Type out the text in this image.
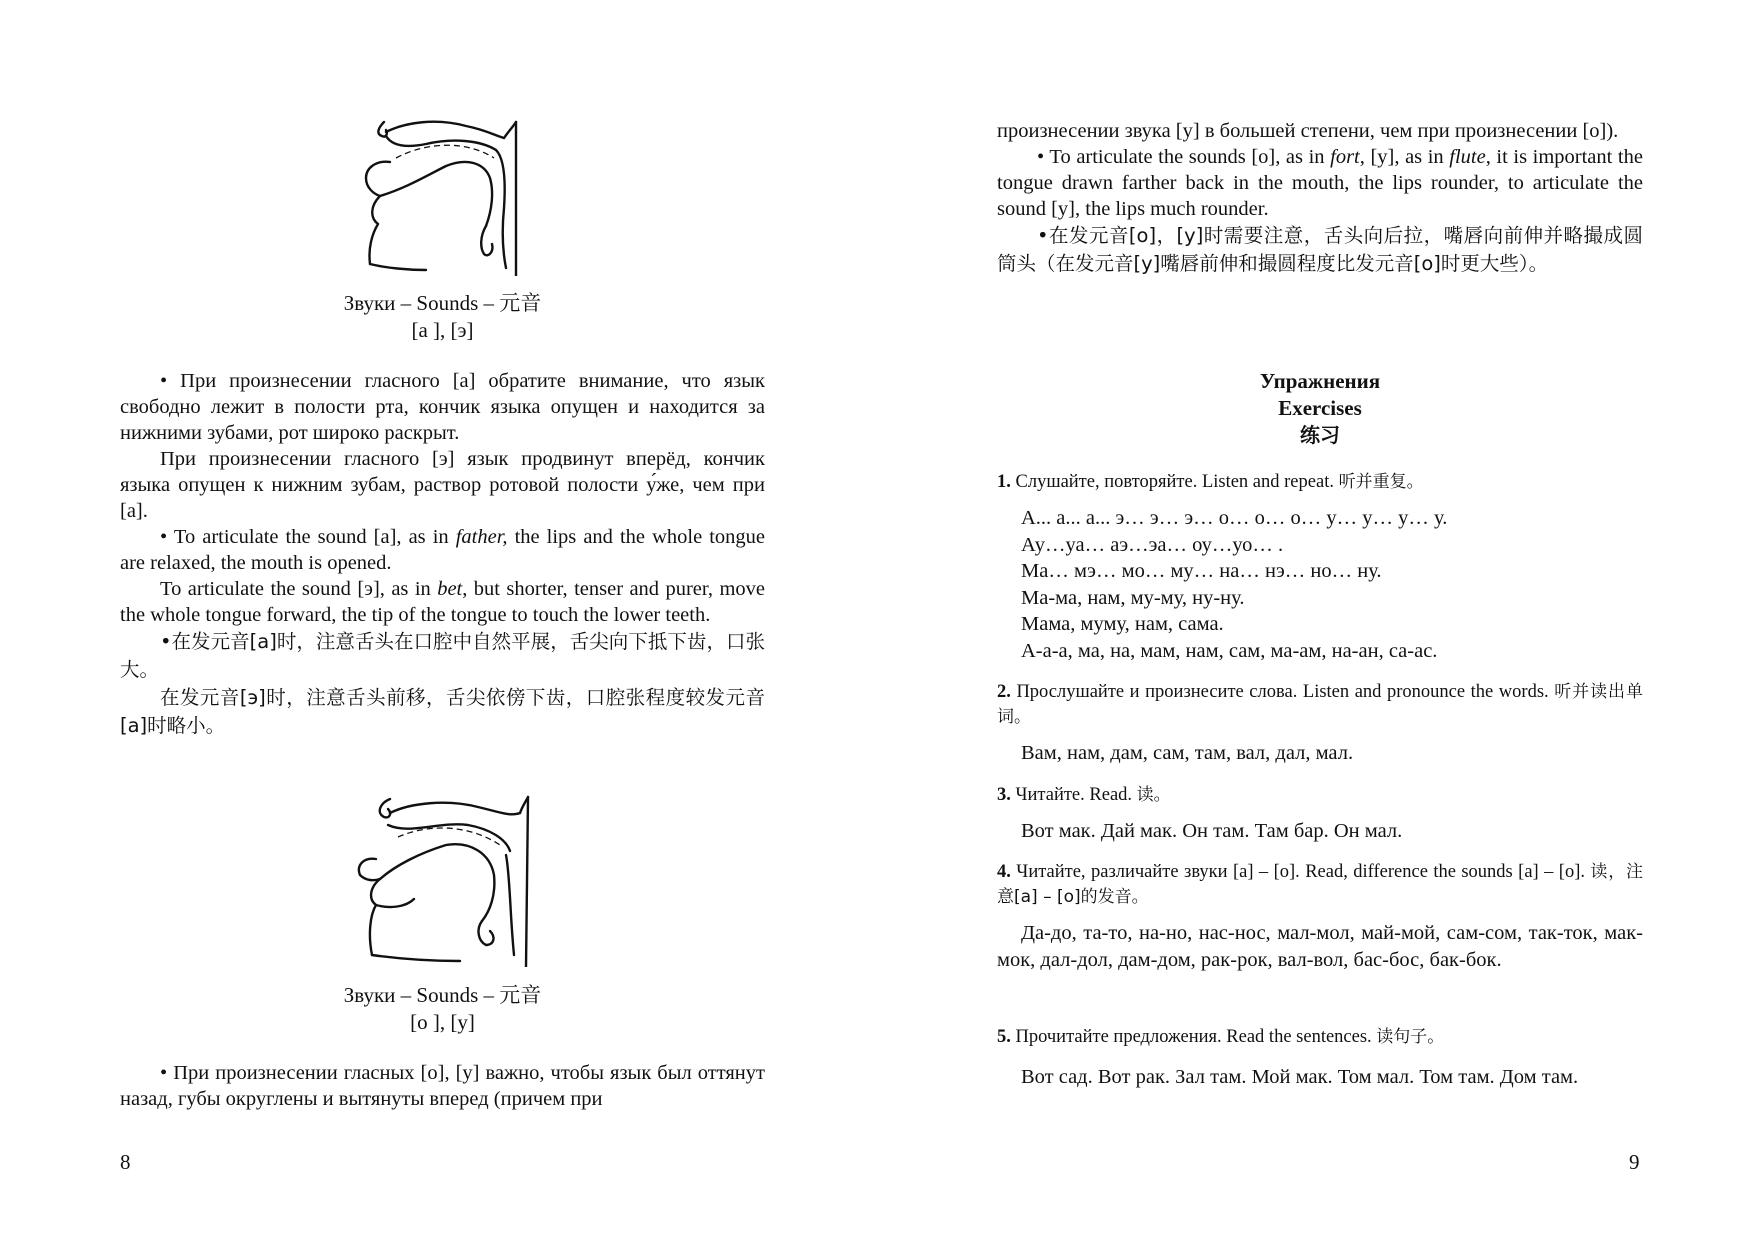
Звуки – Sounds – 元音

[а ], [э]

• При произнесении гласного [а] обратите внимание, что язык свободно лежит в полости рта, кончик языка опущен и находится за нижними зубами, рот широко раскрыт.

При произнесении гласного [э] язык продвинут вперёд, кончик языка опущен к нижним зубам, раствор ротовой полости у́же, чем при [а].

• To articulate the sound [a], as in father, the lips and the whole tongue are relaxed, the mouth is opened.

To articulate the sound [э], as in bet, but shorter, tenser and purer, move the whole tongue forward, the tip of the tongue to touch the lower teeth.

•在发元音[а]时，注意舌头在口腔中自然平展，舌尖向下抵下齿，口张大。

在发元音[э]时，注意舌头前移，舌尖依傍下齿，口腔张程度较发元音[а]时略小。

Звуки – Sounds – 元音

[о ], [у]

• При произнесении гласных [о], [у] важно, чтобы язык был оттянут назад, губы округлены и вытянуты вперед (причем при

8

произнесении звука [у] в большей степени, чем при произнесении [о]).

• To articulate the sounds [o], as in fort, [у], as in flute, it is important the tongue drawn farther back in the mouth, the lips rounder, to articulate the sound [у], the lips much rounder.

•在发元音[о]，[у]时需要注意，舌头向后拉，嘴唇向前伸并略撮成圆筒头（在发元音[у]嘴唇前伸和撮圆程度比发元音[о]时更大些）。

Упражнения

Exercises

练习

1. Слушайте, повторяйте. Listen and repeat. 听并重复。

А... а... а... э… э… э… о… о… о… у… у… у… у.

Ау…уа… аэ…эа… оу…уо… .

Ма… мэ… мо… му… на… нэ… но… ну.

Ма-ма, нам, му-му, ну-ну.

Мама, муму, нам, сама.

А-а-а, ма, на, мам, нам, сам, ма-ам, на-ан, са-ас.

2. Прослушайте и произнесите слова. Listen and pronounce the words. 听并读出单词。

Вам, нам, дам, сам, там, вал, дал, мал.

3. Читайте. Read. 读。

Вот мак. Дай мак. Он там. Там бар. Он мал.

4. Читайте, различайте звуки [а] – [о]. Read, difference the sounds [a] – [о]. 读，注意[а] – [о]的发音。

Да-до, та-то, на-но, нас-нос, мал-мол, май-мой, сам-сом, так-ток, мак-мок, дал-дол, дам-дом, рак-рок, вал-вол, бас-бос, бак-бок.

5. Прочитайте предложения. Read the sentences. 读句子。

Вот сад. Вот рак. Зал там. Мой мак. Том мал. Том там. Дом там.

9
